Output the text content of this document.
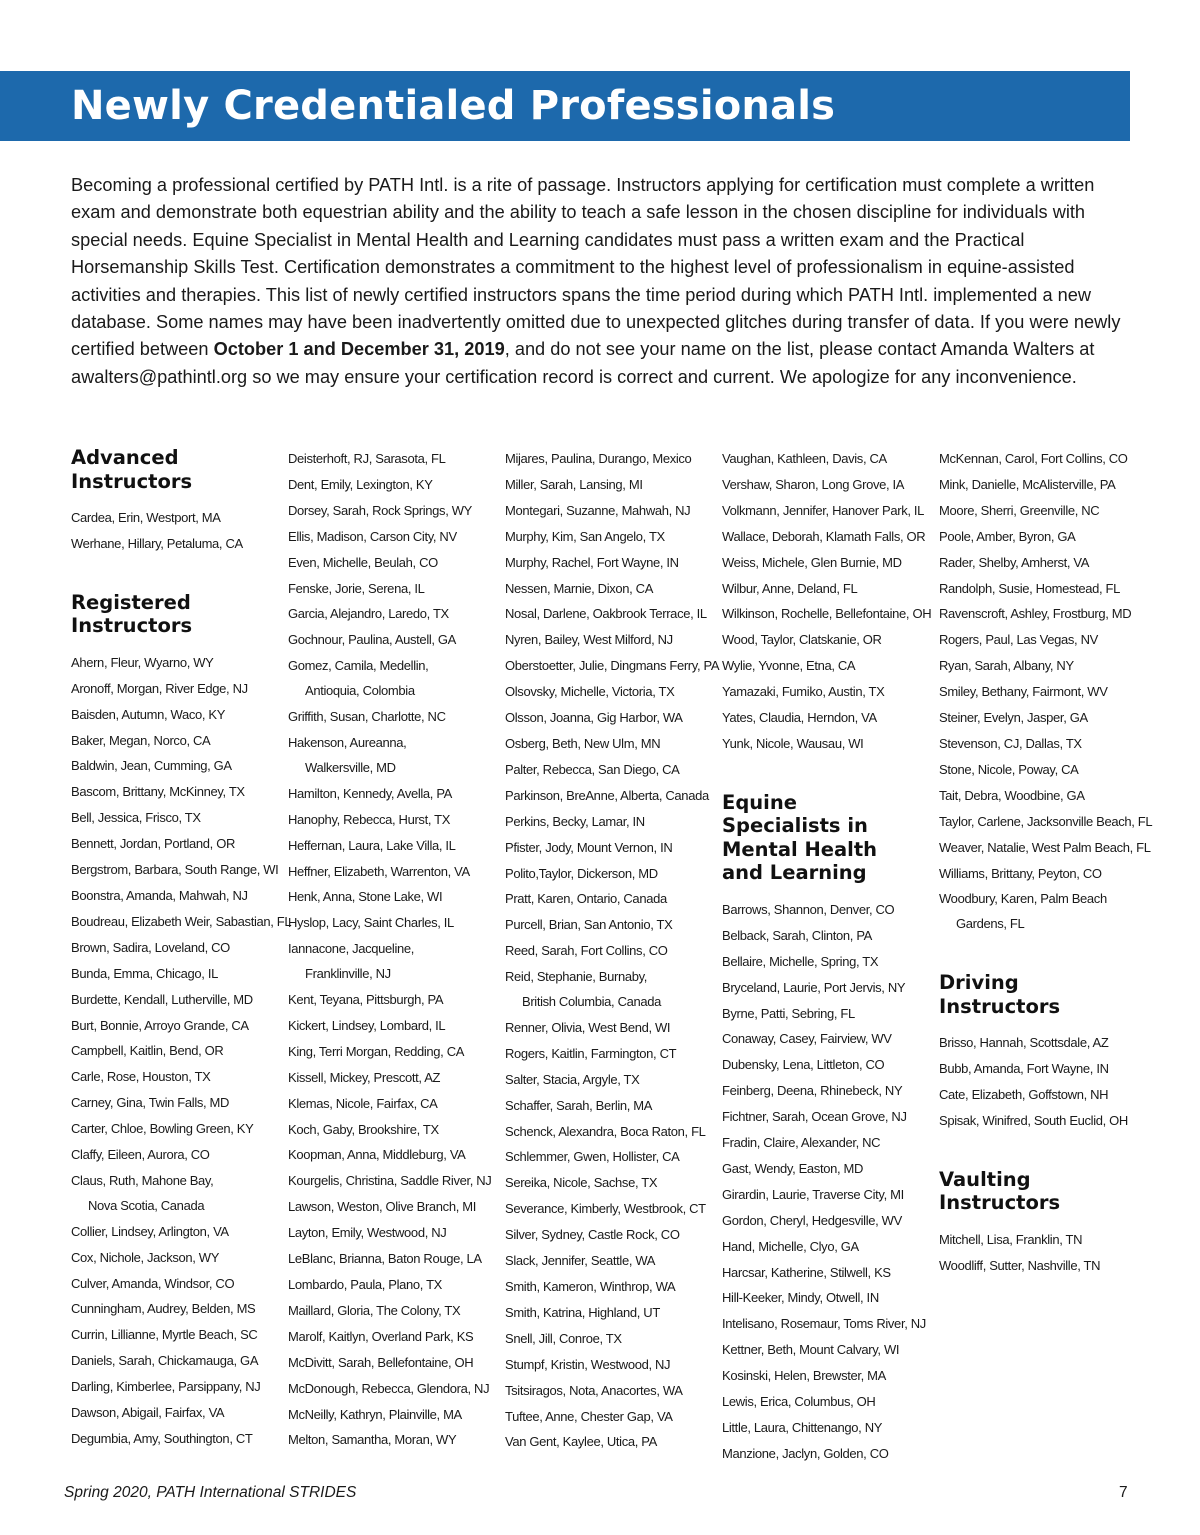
Newly Credentialed Professionals

Becoming a professional certified by PATH Intl. is a rite of passage. Instructors applying for certification must complete a written exam and demonstrate both equestrian ability and the ability to teach a safe lesson in the chosen discipline for individuals with special needs. Equine Specialist in Mental Health and Learning candidates must pass a written exam and the Practical Horsemanship Skills Test. Certification demonstrates a commitment to the highest level of professionalism in equine-assisted activities and therapies. This list of newly certified instructors spans the time period during which PATH Intl. implemented a new database. Some names may have been inadvertently omitted due to unexpected glitches during transfer of data. If you were newly certified between October 1 and December 31, 2019, and do not see your name on the list, please contact Amanda Walters at awalters@pathintl.org so we may ensure your certification record is correct and current. We apologize for any inconvenience.

Advanced Instructors
Cardea, Erin, Westport, MA
Werhane, Hillary, Petaluma, CA
Registered Instructors
Ahern, Fleur, Wyarno, WY
Aronoff, Morgan, River Edge, NJ
Baisden, Autumn, Waco, KY
Baker, Megan, Norco, CA
Baldwin, Jean, Cumming, GA
Bascom, Brittany, McKinney, TX
Bell, Jessica, Frisco, TX
Bennett, Jordan, Portland, OR
Bergstrom, Barbara, South Range, WI
Boonstra, Amanda, Mahwah, NJ
Boudreau, Elizabeth Weir, Sabastian, FL
Brown, Sadira, Loveland, CO
Bunda, Emma, Chicago, IL
Burdette, Kendall, Lutherville, MD
Burt, Bonnie, Arroyo Grande, CA
Campbell, Kaitlin, Bend, OR
Carle, Rose, Houston, TX
Carney, Gina, Twin Falls, MD
Carter, Chloe, Bowling Green, KY
Claffy, Eileen, Aurora, CO
Claus, Ruth, Mahone Bay,
Nova Scotia, Canada
Collier, Lindsey, Arlington, VA
Cox, Nichole, Jackson, WY
Culver, Amanda, Windsor, CO
Cunningham, Audrey, Belden, MS
Currin, Lillianne, Myrtle Beach, SC
Daniels, Sarah, Chickamauga, GA
Darling, Kimberlee, Parsippany, NJ
Dawson, Abigail, Fairfax, VA
Degumbia, Amy, Southington, CT
Deisterhoft, RJ, Sarasota, FL
Dent, Emily, Lexington, KY
Dorsey, Sarah, Rock Springs, WY
Ellis, Madison, Carson City, NV
Even, Michelle, Beulah, CO
Fenske, Jorie, Serena, IL
Garcia, Alejandro, Laredo, TX
Gochnour, Paulina, Austell, GA
Gomez, Camila, Medellin,
Antioquia, Colombia
Griffith, Susan, Charlotte, NC
Hakenson, Aureanna,
Walkersville, MD
Hamilton, Kennedy, Avella, PA
Hanophy, Rebecca, Hurst, TX
Heffernan, Laura, Lake Villa, IL
Heffner, Elizabeth, Warrenton, VA
Henk, Anna, Stone Lake, WI
Hyslop, Lacy, Saint Charles, IL
Iannacone, Jacqueline,
Franklinville, NJ
Kent, Teyana, Pittsburgh, PA
Kickert, Lindsey, Lombard, IL
King, Terri Morgan, Redding, CA
Kissell, Mickey, Prescott, AZ
Klemas, Nicole, Fairfax, CA
Koch, Gaby, Brookshire, TX
Koopman, Anna, Middleburg, VA
Kourgelis, Christina, Saddle River, NJ
Lawson, Weston, Olive Branch, MI
Layton, Emily, Westwood, NJ
LeBlanc, Brianna, Baton Rouge, LA
Lombardo, Paula, Plano, TX
Maillard, Gloria, The Colony, TX
Marolf, Kaitlyn, Overland Park, KS
McDivitt, Sarah, Bellefontaine, OH
McDonough, Rebecca, Glendora, NJ
McNeilly, Kathryn, Plainville, MA
Melton, Samantha, Moran, WY
Mijares, Paulina, Durango, Mexico
Miller, Sarah, Lansing, MI
Montegari, Suzanne, Mahwah, NJ
Murphy, Kim, San Angelo, TX
Murphy, Rachel, Fort Wayne, IN
Nessen, Marnie, Dixon, CA
Nosal, Darlene, Oakbrook Terrace, IL
Nyren, Bailey, West Milford, NJ
Oberstoetter, Julie, Dingmans Ferry, PA
Olsovsky, Michelle, Victoria, TX
Olsson, Joanna, Gig Harbor, WA
Osberg, Beth, New Ulm, MN
Palter, Rebecca, San Diego, CA
Parkinson, BreAnne, Alberta, Canada
Perkins, Becky, Lamar, IN
Pfister, Jody, Mount Vernon, IN
Polito,Taylor, Dickerson, MD
Pratt, Karen, Ontario, Canada
Purcell, Brian, San Antonio, TX
Reed, Sarah, Fort Collins, CO
Reid, Stephanie, Burnaby,
British Columbia, Canada
Renner, Olivia, West Bend, WI
Rogers, Kaitlin, Farmington, CT
Salter, Stacia, Argyle, TX
Schaffer, Sarah, Berlin, MA
Schenck, Alexandra, Boca Raton, FL
Schlemmer, Gwen, Hollister, CA
Sereika, Nicole, Sachse, TX
Severance, Kimberly, Westbrook, CT
Silver, Sydney, Castle Rock, CO
Slack, Jennifer, Seattle, WA
Smith, Kameron, Winthrop, WA
Smith, Katrina, Highland, UT
Snell, Jill, Conroe, TX
Stumpf, Kristin, Westwood, NJ
Tsitsiragos, Nota, Anacortes, WA
Tuftee, Anne, Chester Gap, VA
Van Gent, Kaylee, Utica, PA
Vaughan, Kathleen, Davis, CA
Vershaw, Sharon, Long Grove, IA
Volkmann, Jennifer, Hanover Park, IL
Wallace, Deborah, Klamath Falls, OR
Weiss, Michele, Glen Burnie, MD
Wilbur, Anne, Deland, FL
Wilkinson, Rochelle, Bellefontaine, OH
Wood, Taylor, Clatskanie, OR
Wylie, Yvonne, Etna, CA
Yamazaki, Fumiko, Austin, TX
Yates, Claudia, Herndon, VA
Yunk, Nicole, Wausau, WI
Equine Specialists in Mental Health and Learning
Barrows, Shannon, Denver, CO
Belback, Sarah, Clinton, PA
Bellaire, Michelle, Spring, TX
Bryceland, Laurie, Port Jervis, NY
Byrne, Patti, Sebring, FL
Conaway, Casey, Fairview, WV
Dubensky, Lena, Littleton, CO
Feinberg, Deena, Rhinebeck, NY
Fichtner, Sarah, Ocean Grove, NJ
Fradin, Claire, Alexander, NC
Gast, Wendy, Easton, MD
Girardin, Laurie, Traverse City, MI
Gordon, Cheryl, Hedgesville, WV
Hand, Michelle, Clyo, GA
Harcsar, Katherine, Stilwell, KS
Hill-Keeker, Mindy, Otwell, IN
Intelisano, Rosemaur, Toms River, NJ
Kettner, Beth, Mount Calvary, WI
Kosinski, Helen, Brewster, MA
Lewis, Erica, Columbus, OH
Little, Laura, Chittenango, NY
Manzione, Jaclyn, Golden, CO
McKennan, Carol, Fort Collins, CO
Mink, Danielle, McAlisterville, PA
Moore, Sherri, Greenville, NC
Poole, Amber, Byron, GA
Rader, Shelby, Amherst, VA
Randolph, Susie, Homestead, FL
Ravenscroft, Ashley, Frostburg, MD
Rogers, Paul, Las Vegas, NV
Ryan, Sarah, Albany, NY
Smiley, Bethany, Fairmont, WV
Steiner, Evelyn, Jasper, GA
Stevenson, CJ, Dallas, TX
Stone, Nicole, Poway, CA
Tait, Debra, Woodbine, GA
Taylor, Carlene, Jacksonville Beach, FL
Weaver, Natalie, West Palm Beach, FL
Williams, Brittany, Peyton, CO
Woodbury, Karen, Palm Beach
Gardens, FL
Driving Instructors
Brisso, Hannah, Scottsdale, AZ
Bubb, Amanda, Fort Wayne, IN
Cate, Elizabeth, Goffstown, NH
Spisak, Winifred, South Euclid, OH
Vaulting Instructors
Mitchell, Lisa, Franklin, TN
Woodliff, Sutter, Nashville, TN
Spring 2020, PATH International STRIDES	7
